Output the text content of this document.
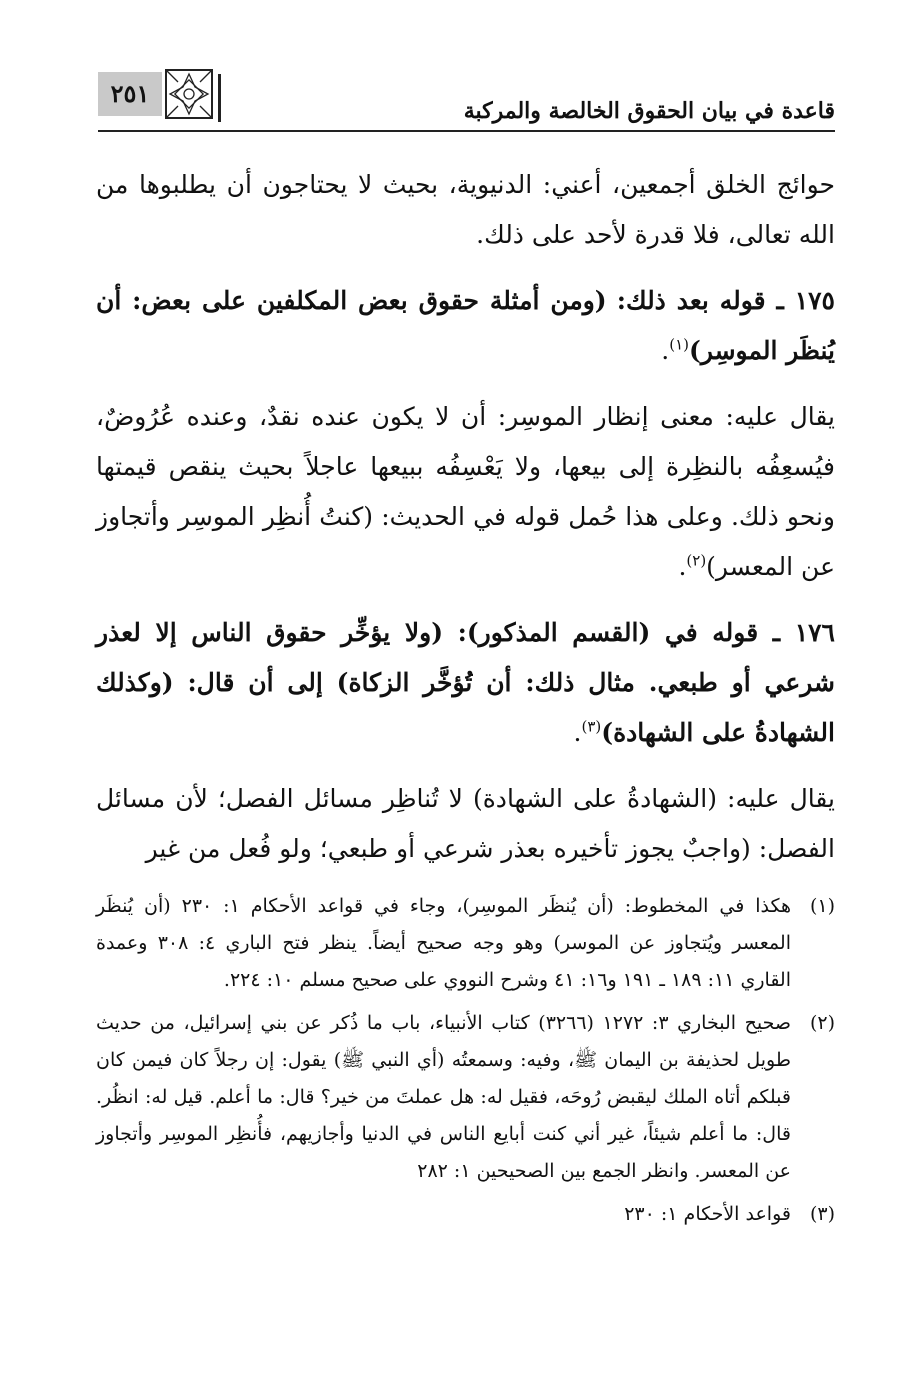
قاعدة في بيان الحقوق الخالصة والمركبة
٢٥١

حوائج الخلق أجمعين، أعني: الدنيوية، بحيث لا يحتاجون أن يطلبوها من الله تعالى، فلا قدرة لأحد على ذلك.

١٧٥ ـ قوله بعد ذلك: (ومن أمثلة حقوق بعض المكلفين على بعض: أن يُنظَر الموسِر)$^{(١)}$.

يقال عليه: معنى إنظار الموسِر: أن لا يكون عنده نقدٌ، وعنده عُرُوضٌ، فيُسعِفُه بالنظِرة إلى بيعها، ولا يَعْسِفُه ببيعها عاجلاً بحيث ينقص قيمتها ونحو ذلك. وعلى هذا حُمل قوله في الحديث: (كنتُ أُنظِر الموسِر وأتجاوز عن المعسر)$^{(٢)}$.

١٧٦ ـ قوله في (القسم المذكور): (ولا يؤخِّر حقوق الناس إلا لعذر شرعي أو طبعي. مثال ذلك: أن تُؤخَّر الزكاة) إلى أن قال: (وكذلك الشهادةُ على الشهادة)$^{(٣)}$.

يقال عليه: (الشهادةُ على الشهادة) لا تُناظِر مسائل الفصل؛ لأن مسائل الفصل: (واجبٌ يجوز تأخيره بعذر شرعي أو طبعي؛ ولو فُعل من غير

(١)
هكذا في المخطوط: (أن يُنظَر الموسِر)، وجاء في قواعد الأحكام ١: ٢٣٠ (أن يُنظَر المعسر ويُتجاوز عن الموسر) وهو وجه صحيح أيضاً. ينظر فتح الباري ٤: ٣٠٨ وعمدة القاري ١١: ١٨٩ ـ ١٩١ و١٦: ٤١ وشرح النووي على صحيح مسلم ١٠: ٢٢٤.
(٢)
صحيح البخاري ٣: ١٢٧٢ (٣٢٦٦) كتاب الأنبياء، باب ما ذُكر عن بني إسرائيل، من حديث طويل لحذيفة بن اليمان ﷺ، وفيه: وسمعتُه (أي النبي ﷺ) يقول: إن رجلاً كان فيمن كان قبلكم أتاه الملك ليقبض رُوحَه، فقيل له: هل عملتَ من خير؟ قال: ما أعلم. قيل له: انظُر. قال: ما أعلم شيئاً، غير أني كنت أبايع الناس في الدنيا وأجازيهم، فأُنظِر الموسِر وأتجاوز عن المعسر. وانظر الجمع بين الصحيحين ١: ٢٨٢
(٣)
قواعد الأحكام ١: ٢٣٠
